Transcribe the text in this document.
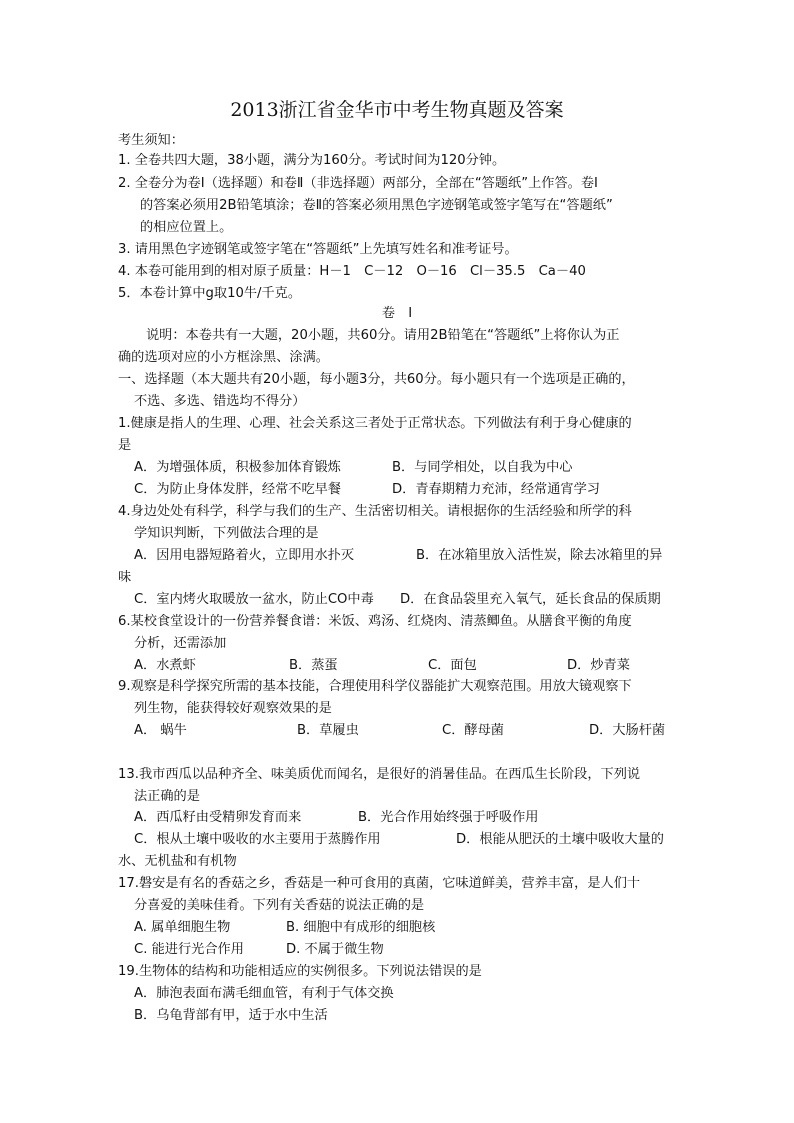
2013浙江省金华市中考生物真题及答案
考生须知：
1. 全卷共四大题，38小题，满分为160分。考试时间为120分钟。
2. 全卷分为卷Ⅰ（选择题）和卷Ⅱ（非选择题）两部分，全部在“答题纸”上作答。卷Ⅰ
的答案必须用2B铅笔填涂；卷Ⅱ的答案必须用黑色字迹钢笔或签字笔写在“答题纸”
的相应位置上。
3. 请用黑色字迹钢笔或签字笔在“答题纸”上先填写姓名和准考证号。
4. 本卷可能用到的相对原子质量：H－1　C－12　O－16　Cl－35.5　Ca－40
5．本卷计算中g取10牛/千克。
卷　Ⅰ
说明：本卷共有一大题，20小题，共60分。请用2B铅笔在“答题纸”上将你认为正
确的选项对应的小方框涂黑、涂满。
一、选择题（本大题共有20小题，每小题3分，共60分。每小题只有一个选项是正确的，
不选、多选、错选均不得分）
1.健康是指人的生理、心理、社会关系这三者处于正常状态。下列做法有利于身心健康的
是
A．为增强体质，积极参加体育锻炼	B．与同学相处，以自我为中心
C．为防止身体发胖，经常不吃早餐	D．青春期精力充沛，经常通宵学习
4.身边处处有科学，科学与我们的生产、生活密切相关。请根据你的生活经验和所学的科
学知识判断，下列做法合理的是
A．因用电器短路着火，立即用水扑灭	B．在冰箱里放入活性炭，除去冰箱里的异
味
C．室内烤火取暖放一盆水，防止CO中毒 D．在食品袋里充入氧气，延长食品的保质期
6.某校食堂设计的一份营养餐食谱：米饭、鸡汤、红烧肉、清蒸鲫鱼。从膳食平衡的角度
分析，还需添加
A．水煮虾	B．蒸蛋	C．面包	D．炒青菜
9.观察是科学探究所需的基本技能，合理使用科学仪器能扩大观察范围。用放大镜观察下
列生物，能获得较好观察效果的是
A． 蜗牛	B．草履虫	C．酵母菌	D．大肠杆菌
13.我市西瓜以品种齐全、味美质优而闻名，是很好的消暑佳品。在西瓜生长阶段，下列说
法正确的是
A．西瓜籽由受精卵发育而来	B．光合作用始终强于呼吸作用
C．根从土壤中吸收的水主要用于蒸腾作用	D．根能从肥沃的土壤中吸收大量的
水、无机盐和有机物
17.磐安是有名的香菇之乡，香菇是一种可食用的真菌，它味道鲜美，营养丰富，是人们十
分喜爱的美味佳肴。下列有关香菇的说法正确的是
A. 属单细胞生物	B. 细胞中有成形的细胞核
C. 能进行光合作用	D. 不属于微生物
19.生物体的结构和功能相适应的实例很多。下列说法错误的是
A．肺泡表面布满毛细血管，有利于气体交换
B．乌龟背部有甲，适于水中生活
